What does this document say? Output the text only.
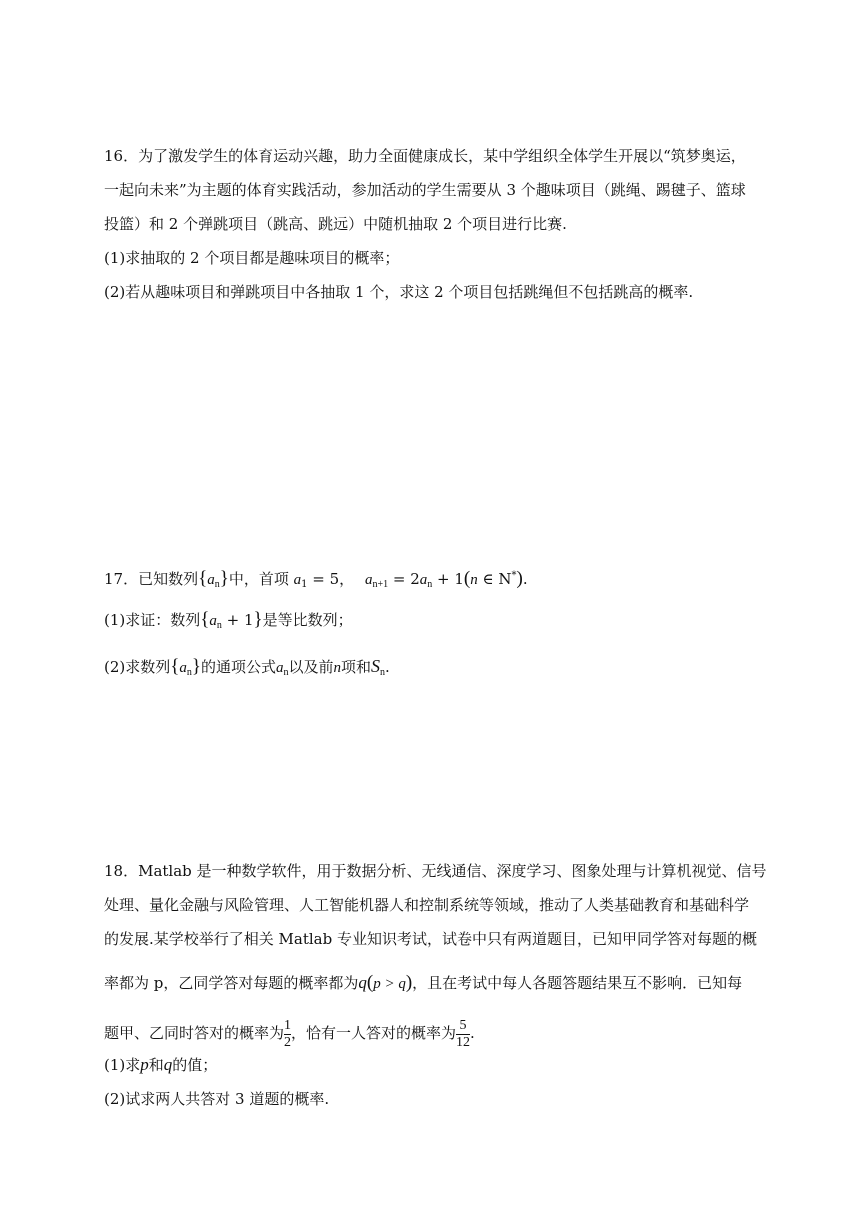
16．为了激发学生的体育运动兴趣，助力全面健康成长，某中学组织全体学生开展以“筑梦奥运，
一起向未来”为主题的体育实践活动，参加活动的学生需要从 3 个趣味项目（跳绳、踢毽子、篮球
投篮）和 2 个弹跳项目（跳高、跳远）中随机抽取 2 个项目进行比赛.
(1)求抽取的 2 个项目都是趣味项目的概率；
(2)若从趣味项目和弹跳项目中各抽取 1 个，求这 2 个项目包括跳绳但不包括跳高的概率.
17．已知数列$\{a_n\}$中，首项 $a_1 = 5$， $a_{n+1} = 2a_n + 1(n$ ∈ N*).
(1)求证：数列$\{a_n + 1\}$是等比数列；
(2)求数列$\{a_n\}$的通项公式$a_n$以及前n项和$S_n$.
18．Matlab 是一种数学软件，用于数据分析、无线通信、深度学习、图象处理与计算机视觉、信号
处理、量化金融与风险管理、人工智能机器人和控制系统等领域，推动了人类基础教育和基础科学
的发展.某学校举行了相关 Matlab 专业知识考试，试卷中只有两道题目，已知甲同学答对每题的概
率都为 p，乙同学答对每题的概率都为q(p > q)，且在考试中每人各题答题结果互不影响．已知每
题甲、乙同时答对的概率为 $\frac{1}{2}$ ，恰有一人答对的概率为 $\frac{5}{12}$ .
(1)求p和q的值；
(2)试求两人共答对 3 道题的概率.
